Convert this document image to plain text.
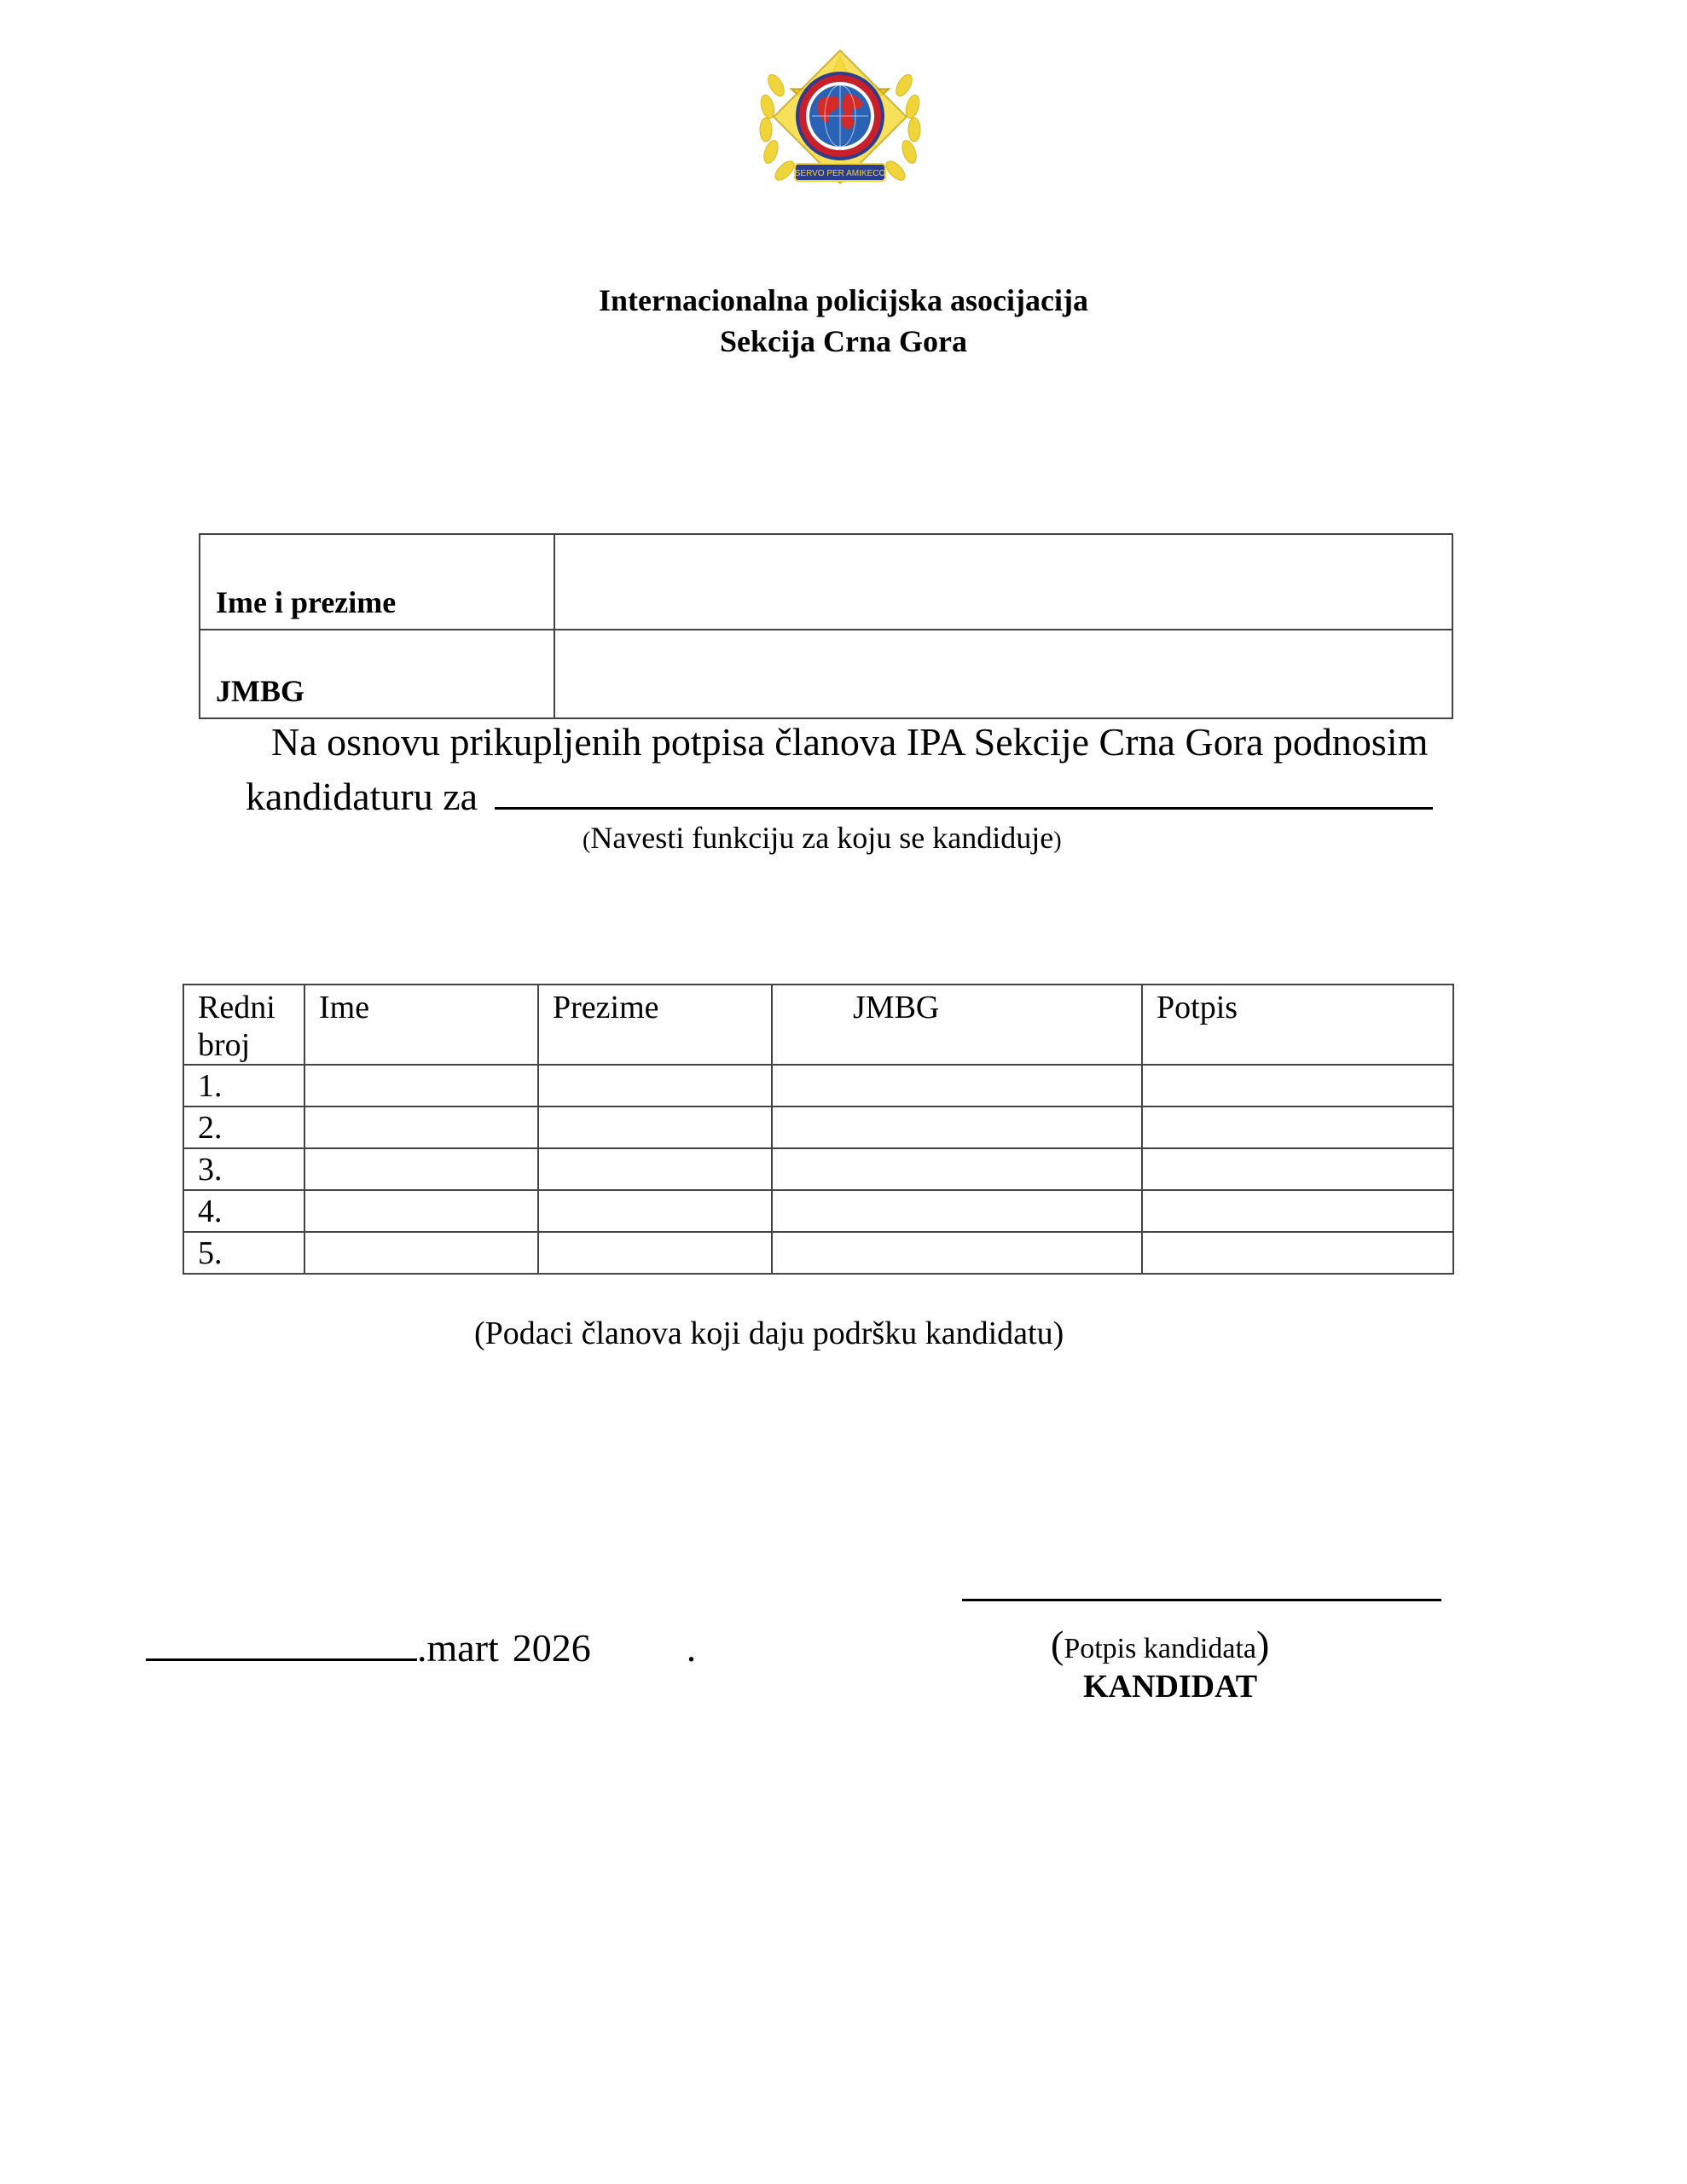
SERVO PER AMIKECO
Internacionalna policijska asocijacija
Sekcija Crna Gora
Ime i prezime	
JMBG	
Na osnovu prikupljenih potpisa članova IPA Sekcije Crna Gora podnosim
kandidaturu za
(Navesti funkciju za koju se kandiduje)
Redni
broj	Ime	Prezime	JMBG	Potpis
1.				
2.				
3.				
4.				
5.				
(Podaci članova koji daju podršku kandidatu)
.mart 2026 .	(Potpis kandidata)
KANDIDAT
